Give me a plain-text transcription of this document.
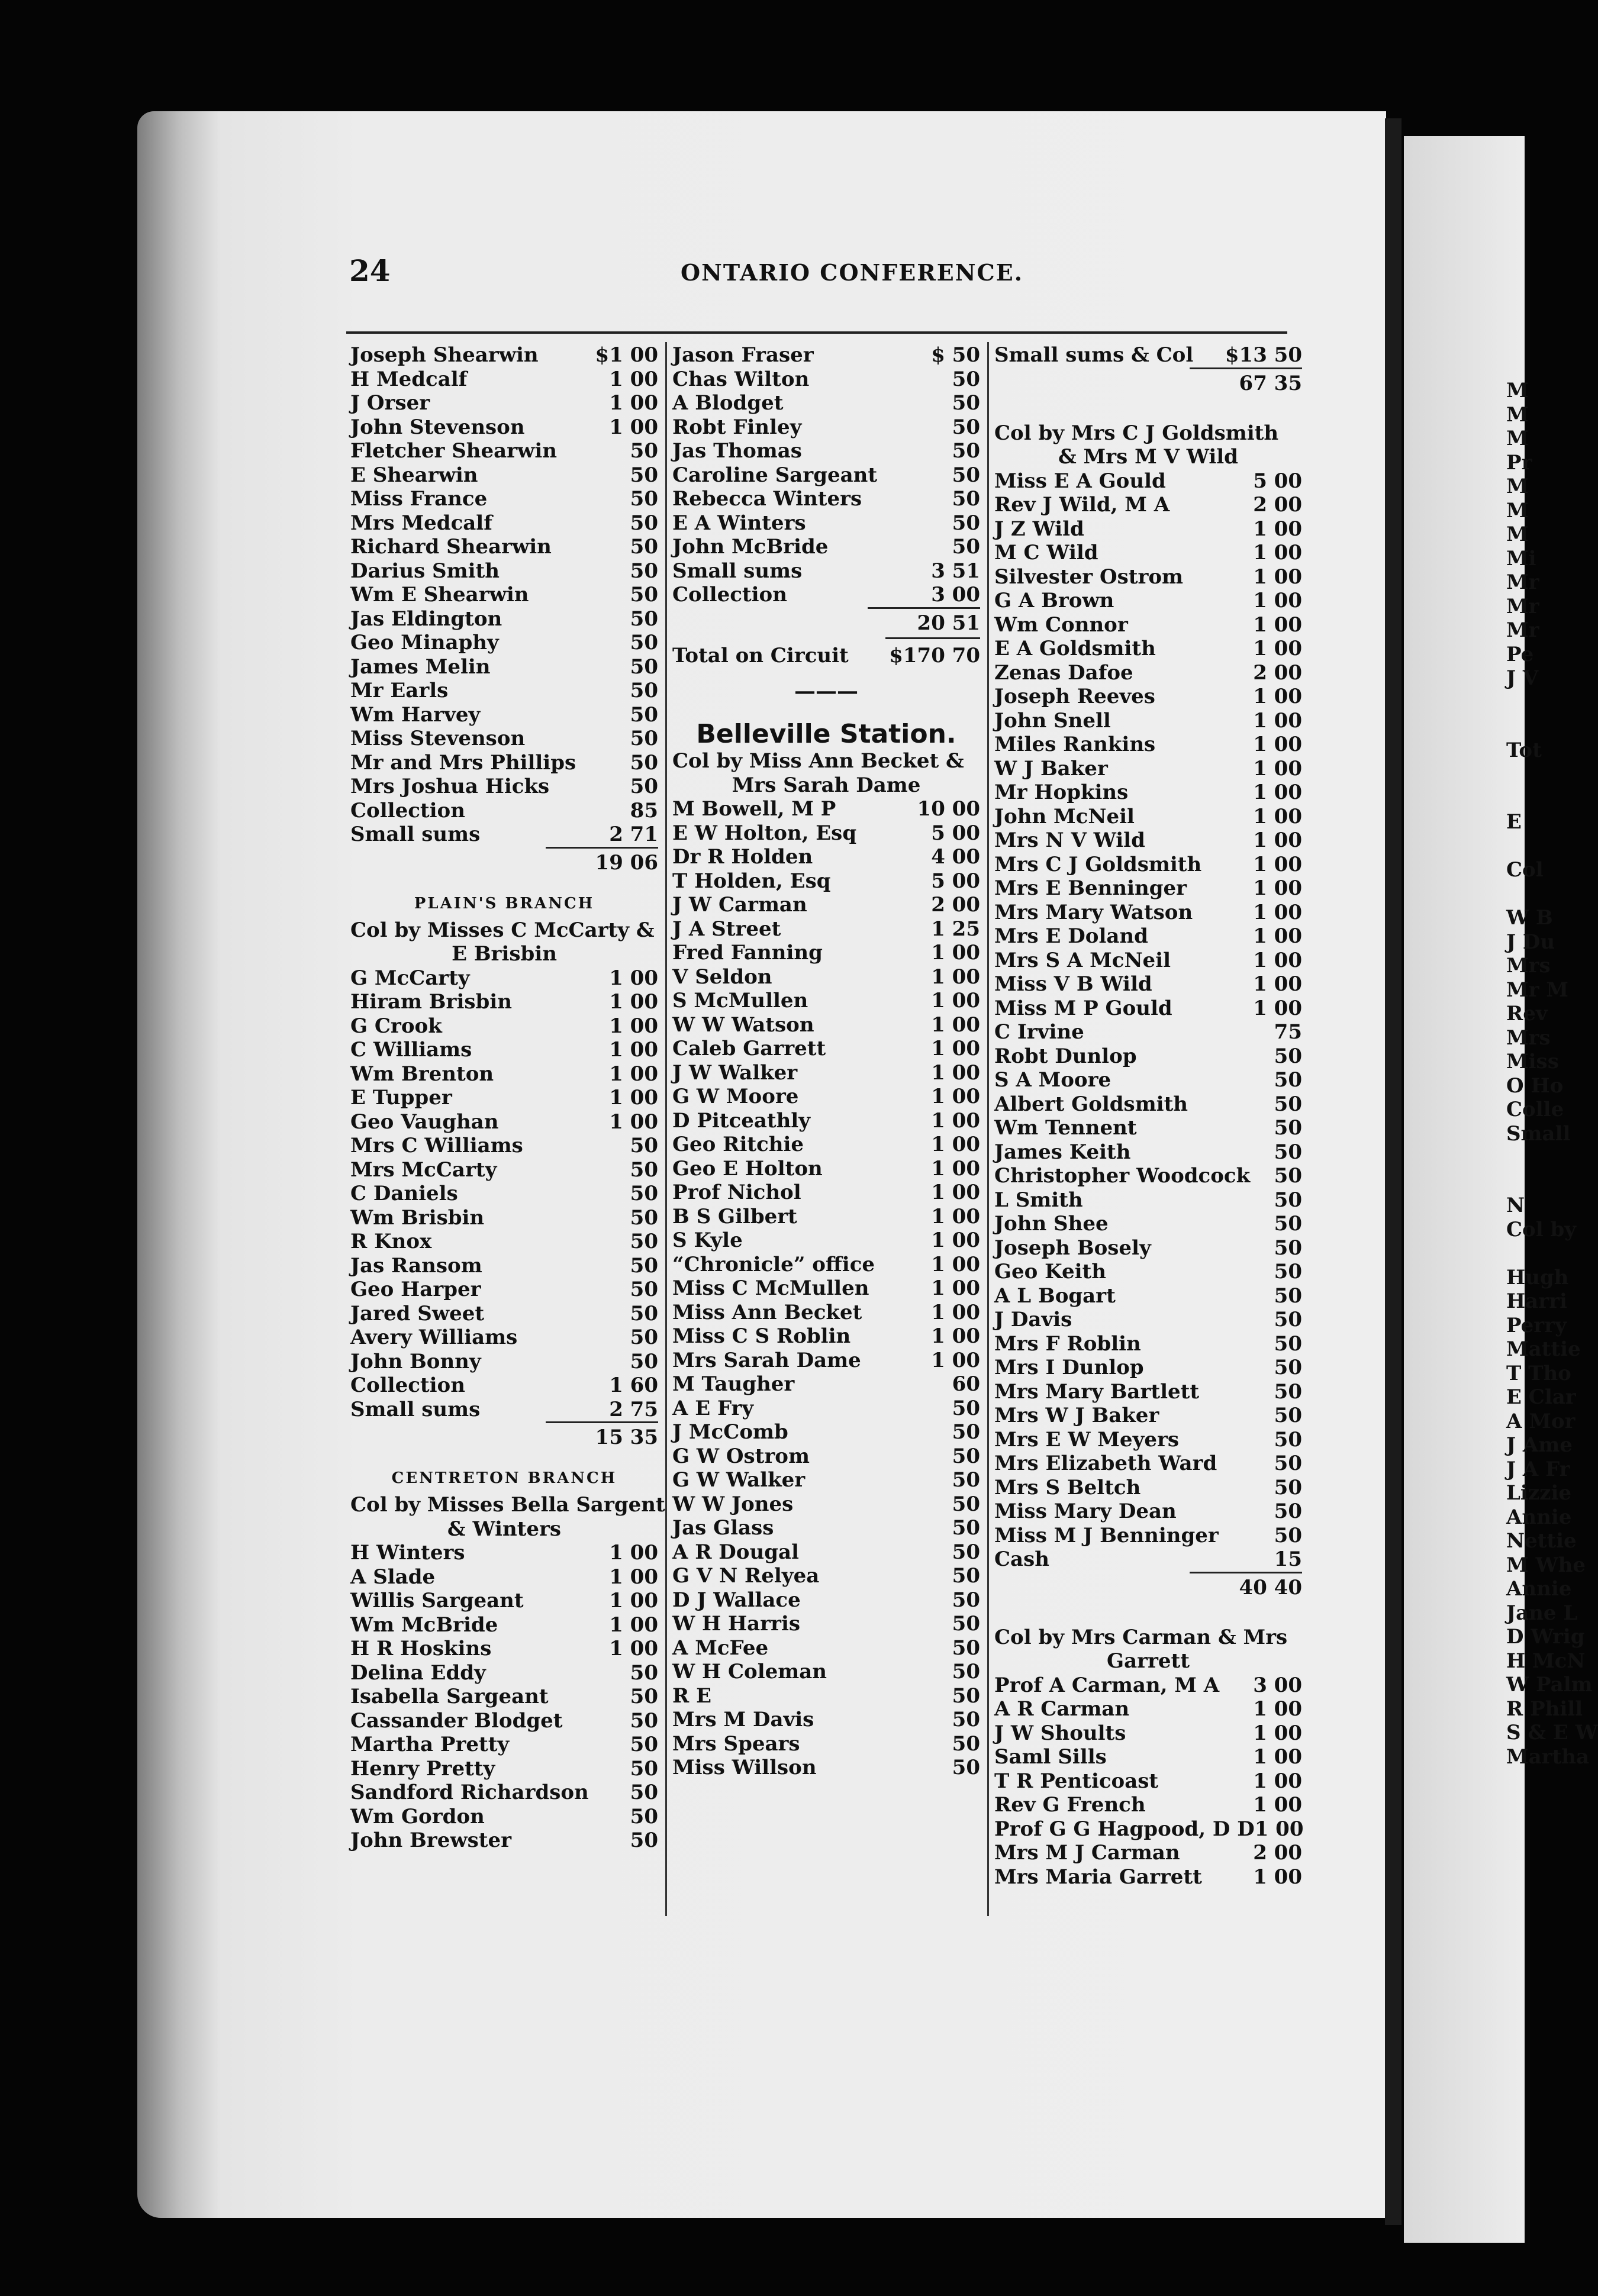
24	ONTARIO CONFERENCE.
Joseph Shearwin	$1 00
H Medcalf	1 00
J Orser	1 00
John Stevenson	1 00
Fletcher Shearwin	50
E Shearwin	50
Miss France	50
Mrs Medcalf	50
Richard Shearwin	50
Darius Smith	50
Wm E Shearwin	50
Jas Eldington	50
Geo Minaphy	50
James Melin	50
Mr Earls	50
Wm Harvey	50
Miss Stevenson	50
Mr and Mrs Phillips	50
Mrs Joshua Hicks	50
Collection	85
Small sums	2 71
19 06
PLAIN'S BRANCH
Col by Misses C McCarty &
E Brisbin
G McCarty	1 00
Hiram Brisbin	1 00
G Crook	1 00
C Williams	1 00
Wm Brenton	1 00
E Tupper	1 00
Geo Vaughan	1 00
Mrs C Williams	50
Mrs McCarty	50
C Daniels	50
Wm Brisbin	50
R Knox	50
Jas Ransom	50
Geo Harper	50
Jared Sweet	50
Avery Williams	50
John Bonny	50
Collection	1 60
Small sums	2 75
15 35
CENTRETON BRANCH
Col by Misses Bella Sargent
& Winters
H Winters	1 00
A Slade	1 00
Willis Sargeant	1 00
Wm McBride	1 00
H R Hoskins	1 00
Delina Eddy	50
Isabella Sargeant	50
Cassander Blodget	50
Martha Pretty	50
Henry Pretty	50
Sandford Richardson	50
Wm Gordon	50
John Brewster	50
Jason Fraser	$ 50
Chas Wilton	50
A Blodget	50
Robt Finley	50
Jas Thomas	50
Caroline Sargeant	50
Rebecca Winters	50
E A Winters	50
John McBride	50
Small sums	3 51
Collection	3 00
20 51
Total on Circuit	$170 70
———
Belleville Station.
Col by Miss Ann Becket &
Mrs Sarah Dame
M Bowell, M P	10 00
E W Holton, Esq	5 00
Dr R Holden	4 00
T Holden, Esq	5 00
J W Carman	2 00
J A Street	1 25
Fred Fanning	1 00
V Seldon	1 00
S McMullen	1 00
W W Watson	1 00
Caleb Garrett	1 00
J W Walker	1 00
G W Moore	1 00
D Pitceathly	1 00
Geo Ritchie	1 00
Geo E Holton	1 00
Prof Nichol	1 00
B S Gilbert	1 00
S Kyle	1 00
“Chronicle” office	1 00
Miss C McMullen	1 00
Miss Ann Becket	1 00
Miss C S Roblin	1 00
Mrs Sarah Dame	1 00
M Taugher	60
A E Fry	50
J McComb	50
G W Ostrom	50
G W Walker	50
W W Jones	50
Jas Glass	50
A R Dougal	50
G V N Relyea	50
D J Wallace	50
W H Harris	50
A McFee	50
W H Coleman	50
R E	50
Mrs M Davis	50
Mrs Spears	50
Miss Willson	50
Small sums & Col	$13 50
67 35
Col by Mrs C J Goldsmith
& Mrs M V Wild
Miss E A Gould	5 00
Rev J Wild, M A	2 00
J Z Wild	1 00
M C Wild	1 00
Silvester Ostrom	1 00
G A Brown	1 00
Wm Connor	1 00
E A Goldsmith	1 00
Zenas Dafoe	2 00
Joseph Reeves	1 00
John Snell	1 00
Miles Rankins	1 00
W J Baker	1 00
Mr Hopkins	1 00
John McNeil	1 00
Mrs N V Wild	1 00
Mrs C J Goldsmith	1 00
Mrs E Benninger	1 00
Mrs Mary Watson	1 00
Mrs E Doland	1 00
Mrs S A McNeil	1 00
Miss V B Wild	1 00
Miss M P Gould	1 00
C Irvine	75
Robt Dunlop	50
S A Moore	50
Albert Goldsmith	50
Wm Tennent	50
James Keith	50
Christopher Woodcock	50
L Smith	50
John Shee	50
Joseph Bosely	50
Geo Keith	50
A L Bogart	50
J Davis	50
Mrs F Roblin	50
Mrs I Dunlop	50
Mrs Mary Bartlett	50
Mrs W J Baker	50
Mrs E W Meyers	50
Mrs Elizabeth Ward	50
Mrs S Beltch	50
Miss Mary Dean	50
Miss M J Benninger	50
Cash	15
40 40
Col by Mrs Carman & Mrs
Garrett
Prof A Carman, M A	3 00
A R Carman	1 00
J W Shoults	1 00
Saml Sills	1 00
T R Penticoast	1 00
Rev G French	1 00
Prof G G Hagpood, D D 1 00
Mrs M J Carman	2 00
Mrs Maria Garrett	1 00
M
M
M
Pr
M
M
M
Mi
Mr
Mr
Mr
Pe
J V
Tot
E
Col
W B
J Du
Mrs
Mr M
Rev
Mrs
Miss
O Ho
Colle
Small
N
Col by
Hugh
Harri
Perry
Mattie
T Tho
E Clar
A Mor
J Ame
J A Fr
Lizzie
Annie
Nettie
M Whe
Annie
Jane L
D Wrig
H McN
W Palm
R Phill
S & E W
Martha
